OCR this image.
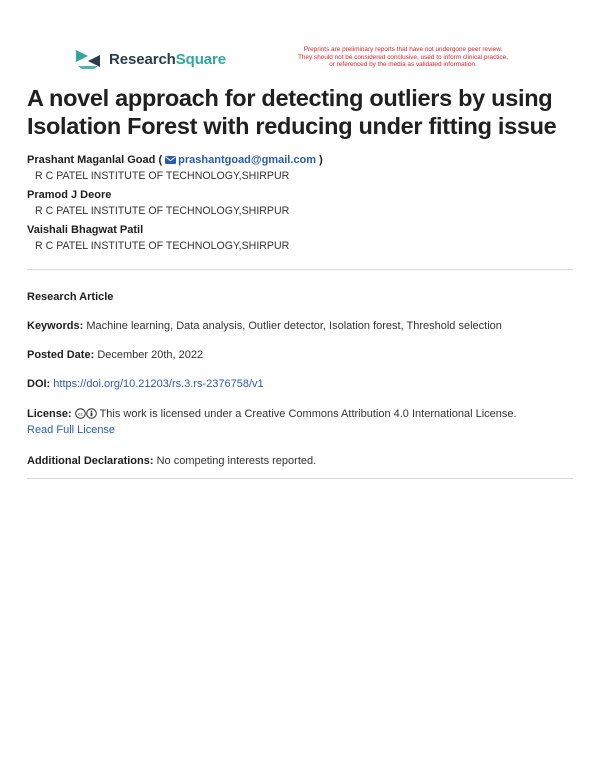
ResearchSquare
Preprints are preliminary reports that have not undergone peer review.
They should not be considered conclusive, used to inform clinical practice,
or referenced by the media as validated information.
A novel approach for detecting outliers by using Isolation Forest with reducing under fitting issue
Prashant Maganlal Goad ( prashantgoad@gmail.com )
R C PATEL INSTITUTE OF TECHNOLOGY,SHIRPUR
Pramod J Deore
R C PATEL INSTITUTE OF TECHNOLOGY,SHIRPUR
Vaishali Bhagwat Patil
R C PATEL INSTITUTE OF TECHNOLOGY,SHIRPUR
Research Article
Keywords: Machine learning, Data analysis, Outlier detector, Isolation forest, Threshold selection
Posted Date: December 20th, 2022
DOI: https://doi.org/10.21203/rs.3.rs-2376758/v1
License: cc This work is licensed under a Creative Commons Attribution 4.0 International License.
Read Full License
Additional Declarations: No competing interests reported.
